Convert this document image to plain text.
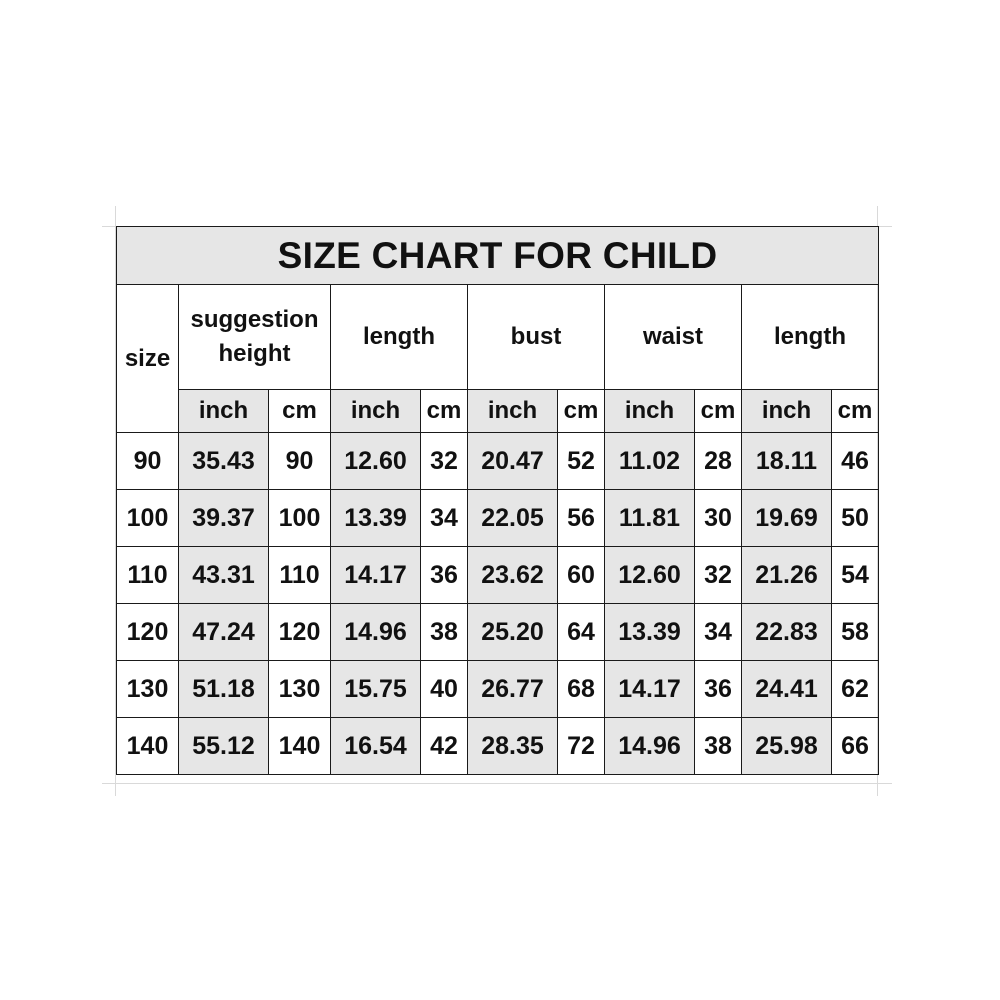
SIZE CHART FOR CHILD										
size	suggestion height		length		bust		waist		length	
	inch	cm	inch	cm	inch	cm	inch	cm	inch	cm
90	35.43	90	12.60	32	20.47	52	11.02	28	18.11	46
100	39.37	100	13.39	34	22.05	56	11.81	30	19.69	50
110	43.31	110	14.17	36	23.62	60	12.60	32	21.26	54
120	47.24	120	14.96	38	25.20	64	13.39	34	22.83	58
130	51.18	130	15.75	40	26.77	68	14.17	36	24.41	62
140	55.12	140	16.54	42	28.35	72	14.96	38	25.98	66
